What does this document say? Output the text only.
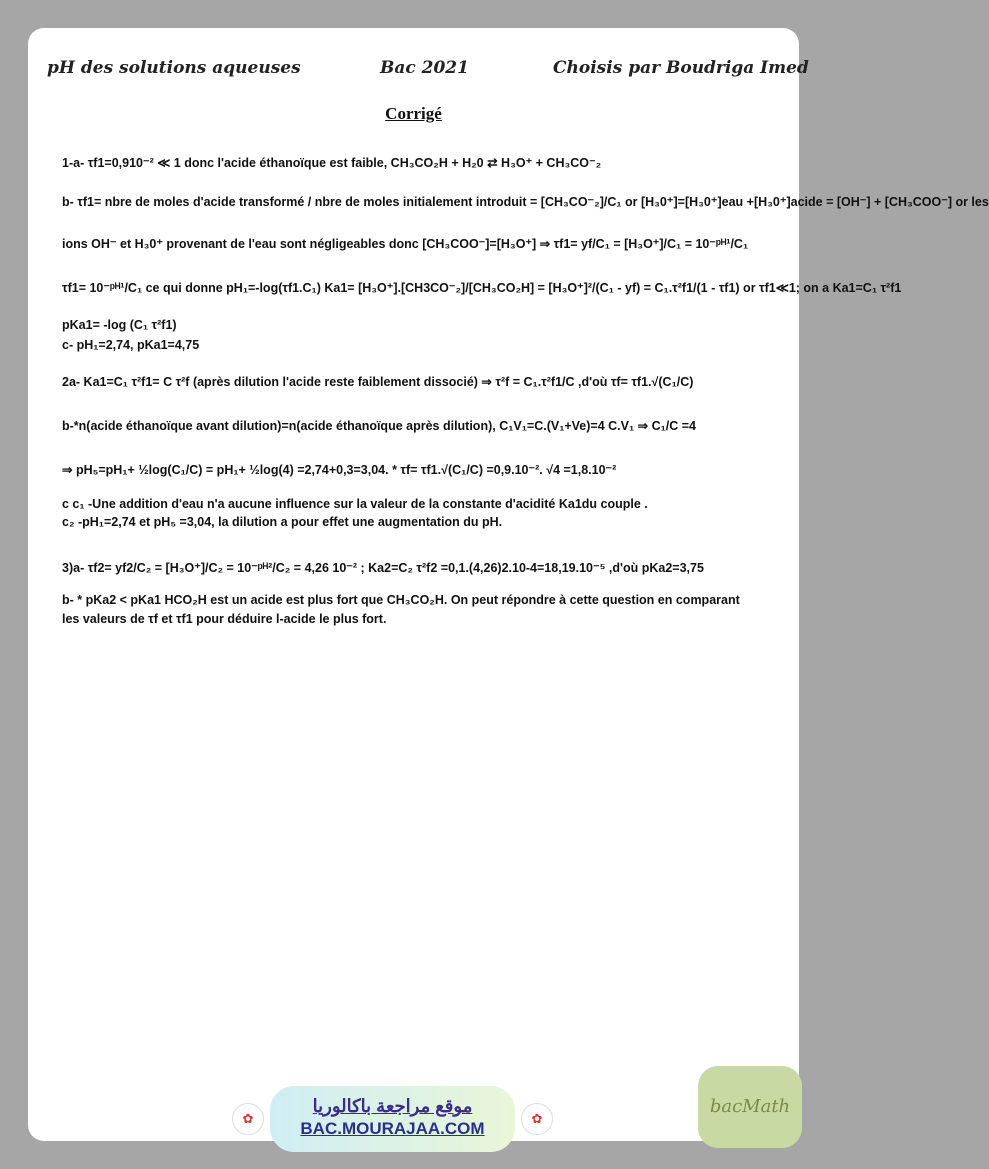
pH des solutions aqueuses	Bac 2021	Choisis par Boudriga Imed
Corrigé
1-a- τf1=0,910⁻² ≪ 1 donc l'acide éthanoïque est faible, CH₃CO₂H + H₂0 ⇄ H₃O⁺ + CH₃CO⁻₂
b- τf1= nbre de moles d'acide transformé / nbre de moles initialement introduit = [CH₃CO⁻₂]/C₁ or [H₃0⁺]=[H₃0⁺]eau +[H₃0⁺]acide = [OH⁻] + [CH₃COO⁻] or les
ions OH⁻ et H₃0⁺ provenant de l'eau sont négligeables donc [CH₃COO⁻]=[H₃O⁺] ⇒ τf1= yf/C₁ = [H₃O⁺]/C₁ = 10⁻ᵖᴴ¹/C₁
τf1= 10⁻ᵖᴴ¹/C₁ ce qui donne pH₁=-log(τf1.C₁) Ka1= [H₃O⁺].[CH3CO⁻₂]/[CH₃CO₂H] = [H₃O⁺]²/(C₁ - yf) = C₁.τ²f1/(1 - τf1) or τf1≪1; on a Ka1=C₁ τ²f1
pKa1= -log (C₁ τ²f1)
c- pH₁=2,74, pKa1=4,75
2a- Ka1=C₁ τ²f1= C τ²f (après dilution l'acide reste faiblement dissocié) ⇒ τ²f = C₁.τ²f1/C ,d'où τf= τf1.√(C₁/C)
b-*n(acide éthanoïque avant dilution)=n(acide éthanoïque après dilution), C₁V₁=C.(V₁+Ve)=4 C.V₁ ⇒ C₁/C =4
⇒ pH₅=pH₁+ ½log(C₁/C) = pH₁+ ½log(4) =2,74+0,3=3,04. * τf= τf1.√(C₁/C) =0,9.10⁻². √4 =1,8.10⁻²
c c₁ -Une addition d'eau n'a aucune influence sur la valeur de la constante d'acidité Ka1du couple .
c₂ -pH₁=2,74 et pH₅ =3,04, la dilution a pour effet une augmentation du pH.
3)a- τf2= yf2/C₂ = [H₃O⁺]/C₂ = 10⁻ᵖᴴ²/C₂ = 4,26 10⁻² ; Ka2=C₂ τ²f2 =0,1.(4,26)2.10-4=18,19.10⁻⁵ ,d'où pKa2=3,75
b- * pKa2 < pKa1 HCO₂H est un acide est plus fort que CH₃CO₂H. On peut répondre à cette question en comparant
les valeurs de τf et τf1 pour déduire l-acide le plus fort.
✿
موقع مراجعة باكالوريا
BAC.MOURAJAA.COM
✿
bacMath
